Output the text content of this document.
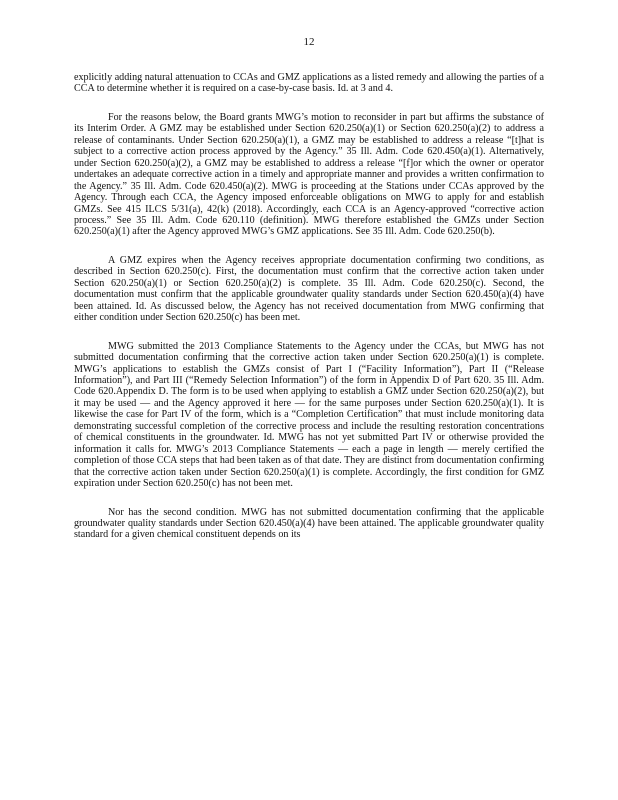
12

explicitly adding natural attenuation to CCAs and GMZ applications as a listed remedy and allowing the parties of a CCA to determine whether it is required on a case-by-case basis. Id. at 3 and 4.

For the reasons below, the Board grants MWG’s motion to reconsider in part but affirms the substance of its Interim Order. A GMZ may be established under Section 620.250(a)(1) or Section 620.250(a)(2) to address a release of contaminants. Under Section 620.250(a)(1), a GMZ may be established to address a release “[t]hat is subject to a corrective action process approved by the Agency.” 35 Ill. Adm. Code 620.450(a)(1). Alternatively, under Section 620.250(a)(2), a GMZ may be established to address a release “[f]or which the owner or operator undertakes an adequate corrective action in a timely and appropriate manner and provides a written confirmation to the Agency.” 35 Ill. Adm. Code 620.450(a)(2). MWG is proceeding at the Stations under CCAs approved by the Agency. Through each CCA, the Agency imposed enforceable obligations on MWG to apply for and establish GMZs. See 415 ILCS 5/31(a), 42(k) (2018). Accordingly, each CCA is an Agency-approved “corrective action process.” See 35 Ill. Adm. Code 620.110 (definition). MWG therefore established the GMZs under Section 620.250(a)(1) after the Agency approved MWG’s GMZ applications. See 35 Ill. Adm. Code 620.250(b).

A GMZ expires when the Agency receives appropriate documentation confirming two conditions, as described in Section 620.250(c). First, the documentation must confirm that the corrective action taken under Section 620.250(a)(1) or Section 620.250(a)(2) is complete. 35 Ill. Adm. Code 620.250(c). Second, the documentation must confirm that the applicable groundwater quality standards under Section 620.450(a)(4) have been attained. Id. As discussed below, the Agency has not received documentation from MWG confirming that either condition under Section 620.250(c) has been met.

MWG submitted the 2013 Compliance Statements to the Agency under the CCAs, but MWG has not submitted documentation confirming that the corrective action taken under Section 620.250(a)(1) is complete. MWG’s applications to establish the GMZs consist of Part I (“Facility Information”), Part II (“Release Information”), and Part III (“Remedy Selection Information”) of the form in Appendix D of Part 620. 35 Ill. Adm. Code 620.Appendix D. The form is to be used when applying to establish a GMZ under Section 620.250(a)(2), but it may be used — and the Agency approved it here — for the same purposes under Section 620.250(a)(1). It is likewise the case for Part IV of the form, which is a “Completion Certification” that must include monitoring data demonstrating successful completion of the corrective process and include the resulting restoration concentrations of chemical constituents in the groundwater. Id. MWG has not yet submitted Part IV or otherwise provided the information it calls for. MWG’s 2013 Compliance Statements — each a page in length — merely certified the completion of those CCA steps that had been taken as of that date. They are distinct from documentation confirming that the corrective action taken under Section 620.250(a)(1) is complete. Accordingly, the first condition for GMZ expiration under Section 620.250(c) has not been met.

Nor has the second condition. MWG has not submitted documentation confirming that the applicable groundwater quality standards under Section 620.450(a)(4) have been attained. The applicable groundwater quality standard for a given chemical constituent depends on its
